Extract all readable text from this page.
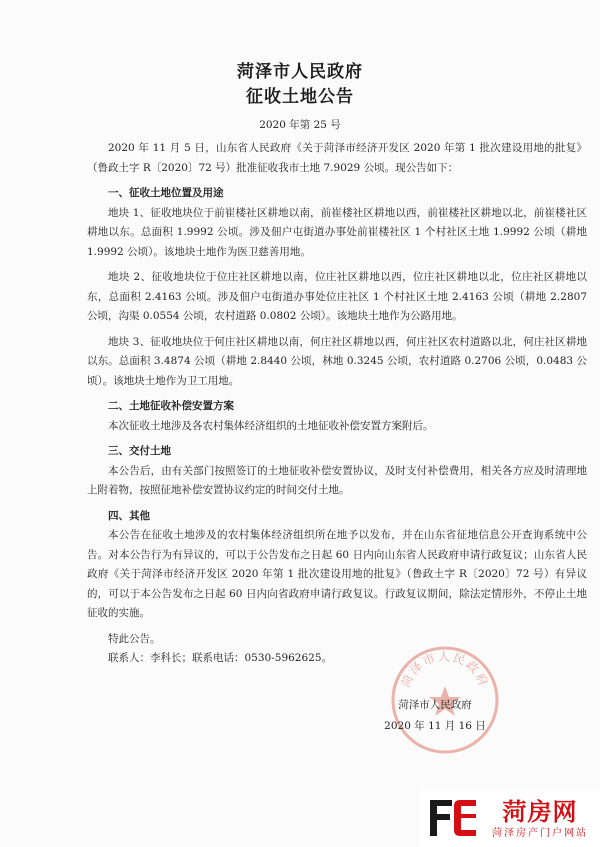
菏泽市人民政府
征收土地公告
2020 年第 25 号

2020 年 11 月 5 日，山东省人民政府《关于菏泽市经济开发区 2020 年第 1 批次建设用地的批复》（鲁政土字 R〔2020〕72 号）批准征收我市土地 7.9029 公顷。现公告如下：

一、征收土地位置及用途

地块 1、征收地块位于前崔楼社区耕地以南，前崔楼社区耕地以西，前崔楼社区耕地以北，前崔楼社区耕地以东。总面积 1.9992 公顷。涉及佃户屯街道办事处前崔楼社区 1 个村社区土地 1.9992 公顷（耕地 1.9992 公顷）。该地块土地作为医卫慈善用地。

地块 2、征收地块位于位庄社区耕地以南，位庄社区耕地以西，位庄社区耕地以北，位庄社区耕地以东，总面积 2.4163 公顷。涉及佃户屯街道办事处位庄社区 1 个村社区土地 2.4163 公顷（耕地 2.2807 公顷，沟渠 0.0554 公顷，农村道路 0.0802 公顷）。该地块土地作为公路用地。

地块 3、征收地块位于何庄社区耕地以南，何庄社区耕地以西，何庄社区农村道路以北，何庄社区耕地以东。总面积 3.4874 公顷（耕地 2.8440 公顷，林地 0.3245 公顷，农村道路 0.2706 公顷，0.0483 公顷）。该地块土地作为卫工用地。

二、土地征收补偿安置方案

本次征收土地涉及各农村集体经济组织的土地征收补偿安置方案附后。

三、交付土地

本公告后，由有关部门按照签订的土地征收补偿安置协议，及时支付补偿费用，相关各方应及时清理地上附着物，按照征地补偿安置协议约定的时间交付土地。

四、其他

本公告在征收土地涉及的农村集体经济组织所在地予以发布，并在山东省征地信息公开查询系统中公告。对本公告行为有异议的，可以于公告发布之日起 60 日内向山东省人民政府申请行政复议；山东省人民政府《关于菏泽市经济开发区 2020 年第 1 批次建设用地的批复》（鲁政土字 R〔2020〕72 号）有异议的，可以于本公告发布之日起 60 日内向省政府申请行政复议。行政复议期间，除法定情形外，不停止土地征收的实施。

特此公告。

联系人：李科长；联系电话：0530-5962625。

菏泽市人民政府
菏泽市人民政府
2020 年 11 月 16 日
菏房网
菏泽房产门户网站
